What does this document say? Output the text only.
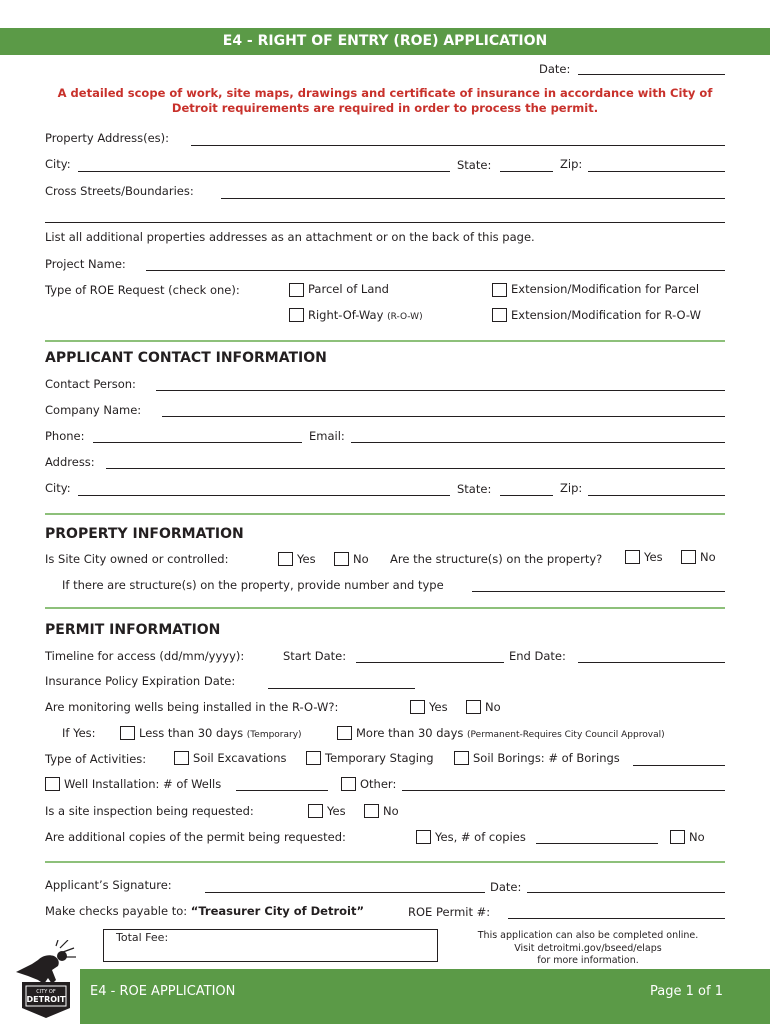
E4 - RIGHT OF ENTRY (ROE) APPLICATION
Date:
A detailed scope of work, site maps, drawings and certificate of insurance in accordance with City of Detroit requirements are required in order to process the permit.
Property Address(es):
City:	State:	Zip:
Cross Streets/Boundaries:
List all additional properties addresses as an attachment or on the back of this page.
Project Name:
Type of ROE Request (check one):	Parcel of Land	Extension/Modification for Parcel
Right-Of-Way (R-O-W)	Extension/Modification for R-O-W
APPLICANT CONTACT INFORMATION
Contact Person:
Company Name:
Phone:	Email:
Address:
City:	State:	Zip:
PROPERTY INFORMATION
Is Site City owned or controlled:	Yes	No Are the structure(s) on the property?	Yes	No
If there are structure(s) on the property, provide number and type
PERMIT INFORMATION
Timeline for access (dd/mm/yyyy):	Start Date:	End Date:
Insurance Policy Expiration Date:
Are monitoring wells being installed in the R-O-W?:	Yes	No
If Yes:	Less than 30 days (Temporary)	More than 30 days (Permanent-Requires City Council Approval)
Type of Activities:	Soil Excavations	Temporary Staging	Soil Borings: # of Borings
Well Installation: # of Wells	Other:
Is a site inspection being requested:	Yes	No
Are additional copies of the permit being requested:	Yes, # of copies	No
Applicant’s Signature:	Date:
Make checks payable to: “Treasurer City of Detroit”	ROE Permit #:
Total Fee:	This application can also be completed online.
Visit detroitmi.gov/bseed/elaps
for more information.
CITY OF
DETROIT
E4 - ROE APPLICATION	Page 1 of 1
